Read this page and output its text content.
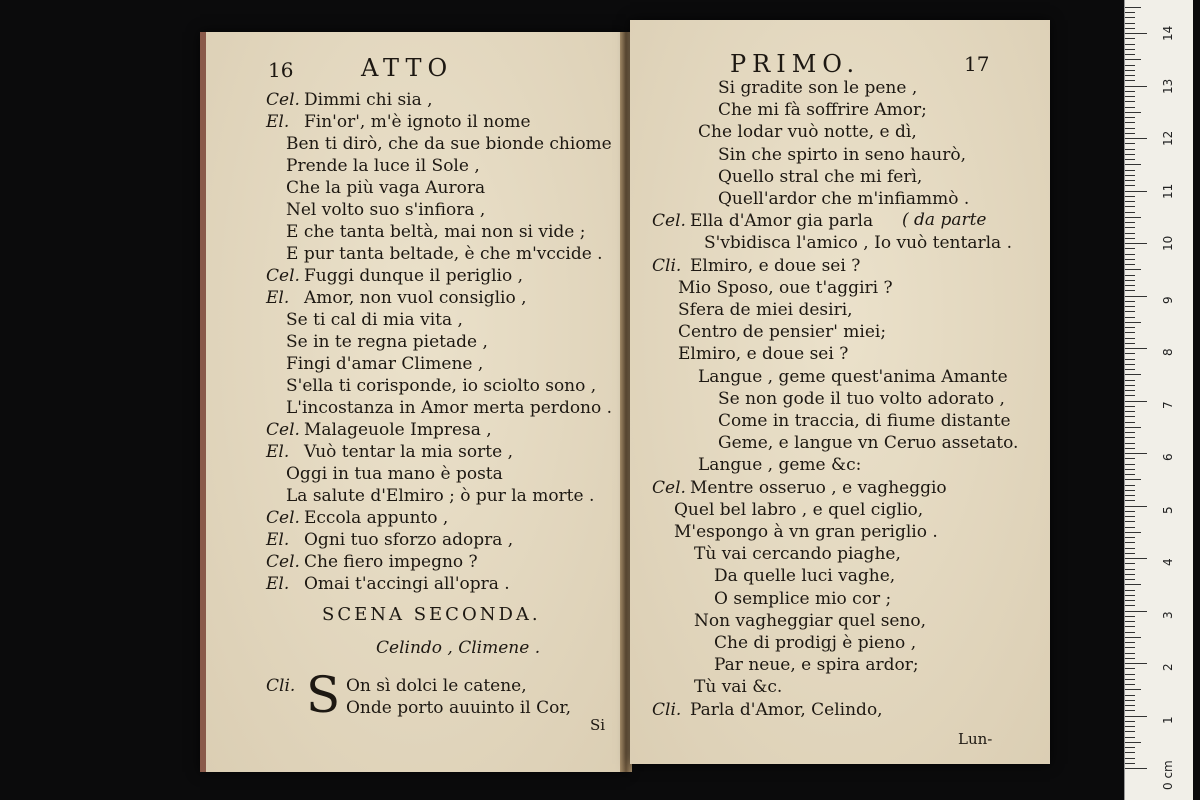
16	ATTO
Cel. Dimmi chi sia ,
El. Fin'or', m'è ignoto il nome
Ben ti dirò, che da sue bionde chiome
Prende la luce il Sole ,
Che la più vaga Aurora
Nel volto suo s'infiora ,
E che tanta beltà, mai non si vide ;
E pur tanta beltade, è che m'vccide .
Cel. Fuggi dunque il periglio ,
El. Amor, non vuol consiglio ,
Se ti cal di mia vita ,
Se in te regna pietade ,
Fingi d'amar Climene ,
S'ella ti corisponde, io sciolto sono ,
L'incostanza in Amor merta perdono .
Cel. Malageuole Impresa ,
El. Vuò tentar la mia sorte ,
Oggi in tua mano è posta
La salute d'Elmiro ; ò pur la morte .
Cel. Eccola appunto ,
El. Ogni tuo sforzo adopra ,
Cel. Che fiero impegno ?
El. Omai t'accingi all'opra .
SCENA SECONDA.
Celindo , Climene .
Cli. S On sì dolci le catene,
Onde porto auuinto il Cor,
Si
PRIMO.	17
Si gradite son le pene ,
Che mi fà soffrire Amor;
Che lodar vuò notte, e dì,
Sin che spirto in seno haurò,
Quello stral che mi ferì,
Quell'ardor che m'infiammò .
Cel. Ella d'Amor gia parla
S'vbidisca l'amico , Io vuò tentarla .
Cli. Elmiro, e doue sei ?
Mio Sposo, oue t'aggiri ?
Sfera de miei desiri,
Centro de pensier' miei;
Elmiro, e doue sei ?
Langue , geme quest'anima Amante
Se non gode il tuo volto adorato ,
Come in traccia, di fiume distante
Geme, e langue vn Ceruo assetato.
Langue , geme &c:
Cel. Mentre osseruo , e vagheggio
Quel bel labro , e quel ciglio,
M'espongo à vn gran periglio .
Tù vai cercando piaghe,
Da quelle luci vaghe,
O semplice mio cor ;
Non vagheggiar quel seno,
Che di prodigj è pieno ,
Par neue, e spira ardor;
Tù vai &c.
Cli. Parla d'Amor, Celindo,
( da parte
Lun-
1
2
3
4
5
6
7
8
9
10
11
12
13
14
0 cm
